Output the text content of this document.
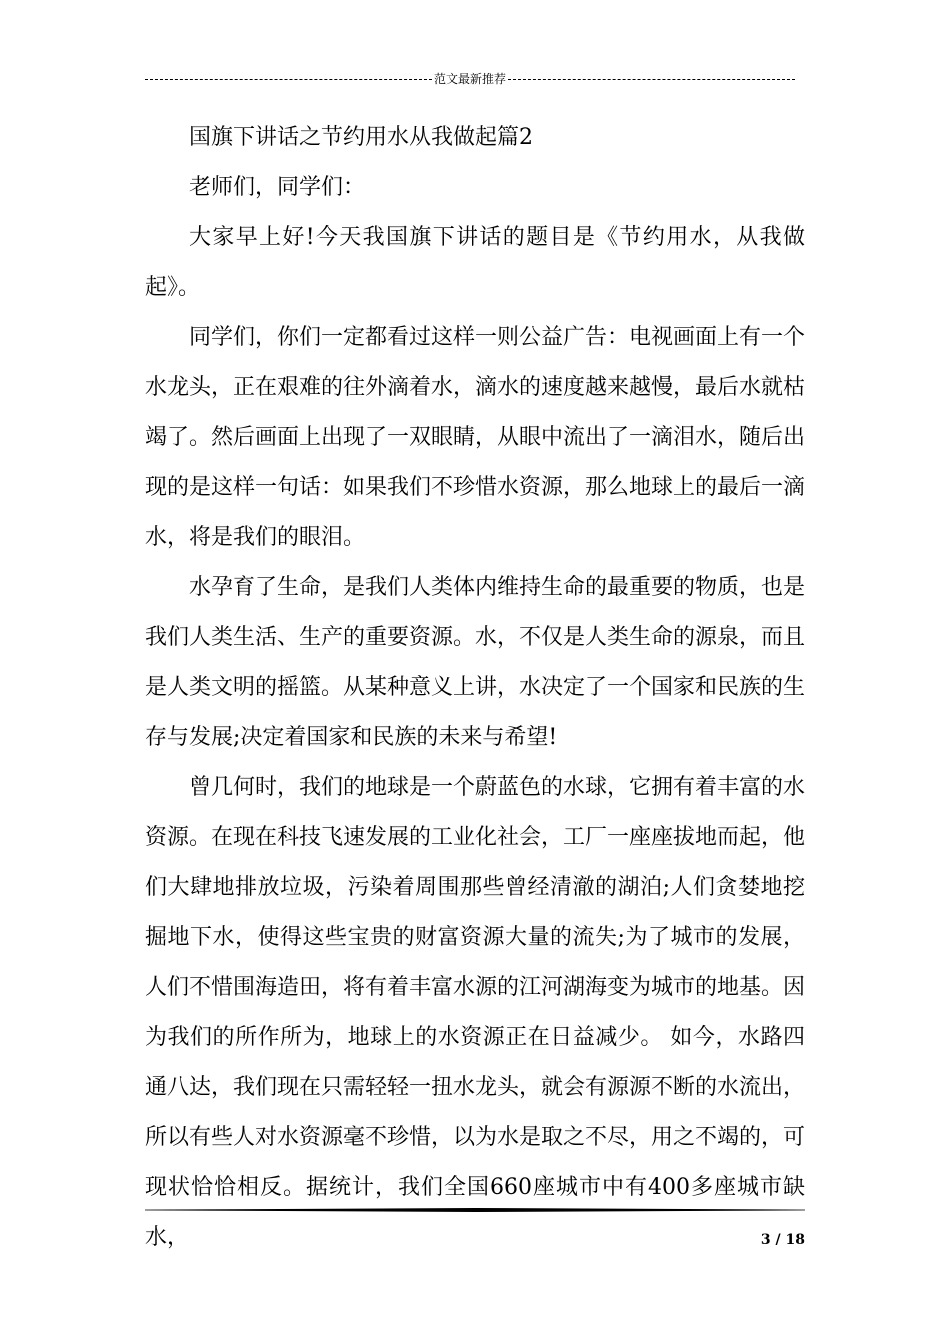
范文最新推荐

国旗下讲话之节约用水从我做起篇2

老师们，同学们：

大家早上好!今天我国旗下讲话的题目是《节约用水，从我做起》。

同学们，你们一定都看过这样一则公益广告：电视画面上有一个水龙头，正在艰难的往外滴着水，滴水的速度越来越慢，最后水就枯竭了。然后画面上出现了一双眼睛，从眼中流出了一滴泪水，随后出现的是这样一句话：如果我们不珍惜水资源，那么地球上的最后一滴水，将是我们的眼泪。

水孕育了生命，是我们人类体内维持生命的最重要的物质，也是我们人类生活、生产的重要资源。水，不仅是人类生命的源泉，而且是人类文明的摇篮。从某种意义上讲，水决定了一个国家和民族的生存与发展;决定着国家和民族的未来与希望!

曾几何时，我们的地球是一个蔚蓝色的水球，它拥有着丰富的水资源。在现在科技飞速发展的工业化社会，工厂一座座拔地而起，他们大肆地排放垃圾，污染着周围那些曾经清澈的湖泊;人们贪婪地挖掘地下水，使得这些宝贵的财富资源大量的流失;为了城市的发展，人们不惜围海造田，将有着丰富水源的江河湖海变为城市的地基。因为我们的所作所为，地球上的水资源正在日益减少。 如今，水路四通八达，我们现在只需轻轻一扭水龙头，就会有源源不断的水流出，所以有些人对水资源毫不珍惜，以为水是取之不尽，用之不竭的，可现状恰恰相反。据统计，我们全国660座城市中有400多座城市缺水，	3 / 18
